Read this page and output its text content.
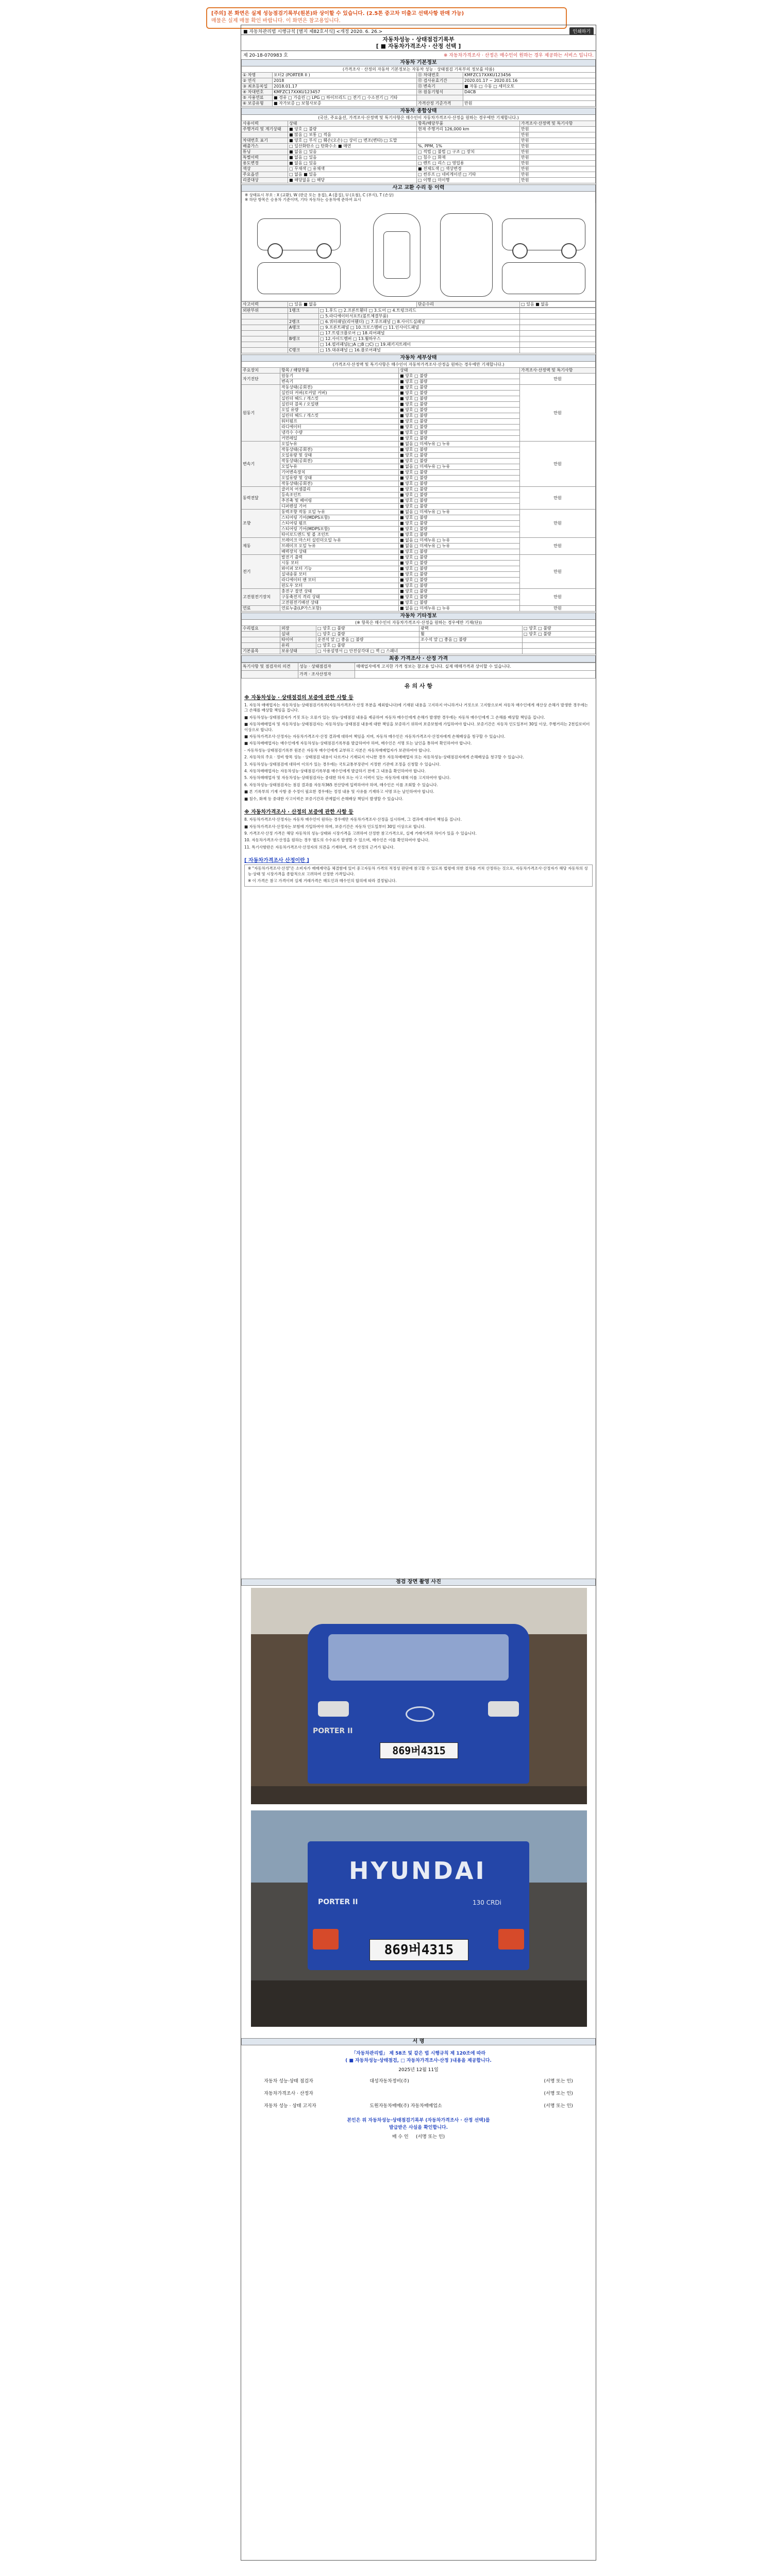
[주의] 본 화면은 실제 성능점검기록부(원본)와 상이할 수 있습니다. (2.5톤 중고차 미출고 선택사항 판매 가능)
매물은 실제 매물 확인 바랍니다. 이 화면은 참고용입니다.
■ 자동차관리법 시행규칙 [별지 제82호서식] <개정 2020. 6. 26.>	인쇄하기
자동차성능 · 상태점검기록부
[ ■ 자동차가격조사 · 산정 선택 ]
제 20-18-070983 호	※ 자동차가격조사 · 산정은 매수인이 원하는 경우 제공하는 서비스 입니다.
자동차 기본정보
(가격조사 · 산정의 자동차 기본정보는 자동차 성능 · 상태점검 기록부의 정보를 따름)
① 차명	포터2 (PORTER II )	⑪ 차대번호	KMFZC17XXKU123456
② 연식	2018	⑫ 검사유효기간	2020.01.17 ~ 2020.01.16
③ 최초등록일	2018.01.17	⑬ 변속기	■ 자동 □ 수동 □ 세미오토
④ 차대번호	KMFZC17XXKU123457	⑭ 원동기형식	D4CB
⑤ 사용연료	■ 경유 □ 가솔린 □ LPG □ 하이브리드 □ 전기 □ 수소전기 □ 기타		
⑥ 보증유형	■ 자가보증 □ 보험사보증	가격산정 기준가격	만원
자동차 종합상태
(국산, 주요옵션, 가격조사·산정액 및 특기사항은 매수인이 자동차가격조사·산정을 원하는 경우에만 기재합니다.)
사용이력	상태	항목/해당부품	가격조사·산정액 및 특기사항
주행거리 및 계기상태	■ 양호 □ 불량	현재 주행거리 126,000 km	만원
	■ 많음 □ 보통 □ 적음		만원
차대번호 표기	■ 양호 □ 부식 □ 훼손(오손) □ 상이 □ 변조(변타) □ 도말		만원
배출가스	□ 일산화탄소 □ 탄화수소 ■ 매연	%, PPM, 1%	만원
튜닝	■ 없음 □ 있음	□ 적법 □ 불법 □ 구조 □ 장치	만원
특별이력	■ 없음 □ 있음	□ 침수 □ 화재	만원
용도변경	■ 없음 □ 있음	□ 렌트 □ 리스 □ 영업용	만원
색상	□ 무채색 □ 유채색	■ 전체도색 □ 색상변경	만원
주요옵션	□ 없음 ■ 있음	□ 썬루프 □ 네비게이션 □ 기타	만원
리콜대상	■ 해당없음 □ 해당	□ 이행 □ 미이행	만원
사고 교환 수리 등 이력
※ 상태표시 부호 : X (교환), W (판금 또는 용접), A (흠집), U (요철), C (부식), T (손상)
※ 하단 항목은 승용차 기준이며, 기타 자동차는 승용차에 준하여 표시
사고이력	□ 있음 ■ 없음	단순수리	□ 있음 ■ 없음
외판부위	1랭크	□ 1.후드 □ 2.프론트휀더 □ 3.도어 □ 4.트렁크리드	
		□ 5.라디에이터서포트(볼트체결부품)	
	2랭크	□ 6.쿼터패널(리어휀더) □ 7.루프패널 □ 8.사이드실패널	
	A랭크	□ 9.프론트패널 □ 10.크로스멤버 □ 11.인사이드패널	
		□ 17.트렁크플로어 □ 18.리어패널	
	B랭크	□ 12.사이드멤버 □ 13.휠하우스	
		□ 14.필러패널(□A □B □C) □ 19.패키지트레이	
	C랭크	□ 15.대쉬패널 □ 16.플로어패널	
자동차 세부상태
(가격조사·산정액 및 특기사항은 매수인이 자동차가격조사·산정을 원하는 경우에만 기재합니다.)
주요장치	항목 / 해당부품	상태	가격조사·산정액 및 특기사항
자기진단	원동기	■ 양호 □ 불량	만원
	변속기	■ 양호 □ 불량	
원동기	작동상태(공회전)	■ 양호 □ 불량	만원
	실린더 커버(로커암 커버)	■ 양호 □ 불량	
	실린더 헤드 / 개스킷	■ 양호 □ 불량	
	실린더 블록 / 오일팬	■ 양호 □ 불량	
	오일 유량	■ 양호 □ 불량	
	실린더 헤드 / 개스킷	■ 양호 □ 불량	
	워터펌프	■ 양호 □ 불량	
	라디에이터	■ 양호 □ 불량	
	냉각수 수량	■ 양호 □ 불량	
	커먼레일	■ 양호 □ 불량	
변속기	오일누유	■ 없음 □ 미세누유 □ 누유	만원
	작동상태(공회전)	■ 양호 □ 불량	
	오일유량 및 상태	■ 양호 □ 불량	
	작동상태(공회전)	■ 양호 □ 불량	
	오일누유	■ 없음 □ 미세누유 □ 누유	
	기어변속장치	■ 양호 □ 불량	
	오일유량 및 상태	■ 양호 □ 불량	
	작동상태(공회전)	■ 양호 □ 불량	
동력전달	클러치 어셈블리	■ 양호 □ 불량	만원
	등속조인트	■ 양호 □ 불량	
	추진축 및 베어링	■ 양호 □ 불량	
	디퍼렌셜 기어	■ 양호 □ 불량	
조향	동력조향 작동 오일 누유	■ 없음 □ 미세누유 □ 누유	만원
	스티어링 기어(MDPS포함)	■ 양호 □ 불량	
	스티어링 펌프	■ 양호 □ 불량	
	스티어링 기어(MDPS포함)	■ 양호 □ 불량	
	타이로드엔드 및 볼 조인트	■ 양호 □ 불량	
제동	브레이크 마스터 실린더오일 누유	■ 없음 □ 미세누유 □ 누유	만원
	브레이크 오일 누유	■ 없음 □ 미세누유 □ 누유	
	배력장치 상태	■ 양호 □ 불량	
전기	발전기 출력	■ 양호 □ 불량	만원
	시동 모터	■ 양호 □ 불량	
	와이퍼 모터 기능	■ 양호 □ 불량	
	실내송풍 모터	■ 양호 □ 불량	
	라디에이터 팬 모터	■ 양호 □ 불량	
	윈도우 모터	■ 양호 □ 불량	
고전원전기장치	충전구 절연 상태	■ 양호 □ 불량	만원
	구동축전지 격리 상태	■ 양호 □ 불량	
	고전원전기배선 상태	■ 양호 □ 불량	
연료	연료누출(LP가스포함)	■ 없음 □ 미세누유 □ 누유	만원
자동차 기타정보
(※ 항목은 매수인이 자동차가격조사·산정을 원하는 경우에만 기재(단))
수리필요	외장	□ 양호 □ 불량	광택	□ 양호 □ 불량
	실내	□ 양호 □ 불량	휠	□ 양호 □ 불량
	타이어	운전석 앞 □ 좋음 □ 불량	조수석 앞 □ 좋음 □ 불량	
	유리	□ 양호 □ 불량		
기본품목	보유상태	□ 사용설명서 □ 안전삼각대 □ 잭 □ 스패너		
최종 가격조사 · 산정 가격
특기사항 및 점검자의 의견	성능 · 상태점검자	매매업자에게 고지한 가격 정보는 참고용 입니다. 실제 매매가격과 상이할 수 있습니다.
	가격 · 조사산정자	
유 의 사 항
※ 자동차성능 · 상태점검의 보증에 관한 사항 등
1. 자동차 매매업자는 자동차성능·상태점검기록부(자동차가격조사·산정 부분을 제외합니다)에 기재된 내용을 고지하지 아니하거나 거짓으로 고지함으로써 자동차 매수인에게 재산상 손해가 발생한 경우에는 그 손해를 배상할 책임을 집니다.
■ 자동차성능·상태점검자가 거짓 또는 오류가 있는 성능·상태점검 내용을 제공하여 자동차 매수인에게 손해가 발생한 경우에는 자동차 매수인에게 그 손해를 배상할 책임을 집니다.
■ 자동차매매업자 및 자동차성능·상태점검자는 자동차성능·상태점검 내용에 대한 책임을 보증하기 위하여 보증보험에 가입하여야 합니다. 보증기간은 자동차 인도일부터 30일 이상, 주행거리는 2천킬로미터 이상으로 합니다.
■ 자동차가격조사·산정자는 자동차가격조사·산정 결과에 대하여 책임을 지며, 자동차 매수인은 자동차가격조사·산정자에게 손해배상을 청구할 수 있습니다.
■ 자동차매매업자는 매수인에게 자동차성능·상태점검기록부를 발급하여야 하며, 매수인은 서명 또는 날인을 통하여 확인하여야 합니다.
- 자동차성능·상태점검기록부 원본은 자동차 매수인에게 교부하고 사본은 자동차매매업자가 보관하여야 합니다.
2. 자동차의 주요 · 정비 항목 성능 · 상태점검 내용이 다르거나 기재되지 아니한 경우 자동차매매업자 또는 자동차성능·상태점검자에게 손해배상을 청구할 수 있습니다.
3. 자동차성능·상태점검에 대하여 이의가 있는 경우에는 국토교통부장관이 지정한 기관에 조정을 신청할 수 있습니다.
4. 자동차매매업자는 자동차성능·상태점검기록부를 매수인에게 발급하기 전에 그 내용을 확인하여야 합니다.
5. 자동차매매업자 및 자동차성능·상태점검자는 중대한 하자 또는 사고 이력이 있는 자동차에 대해 이를 고지하여야 합니다.
6. 자동차성능·상태점검자는 점검 결과를 자동차365 전산망에 입력하여야 하며, 매수인은 이를 조회할 수 있습니다.
■ 본 기록부의 기재 사항 중 수정이 필요한 경우에는 정정 내용 및 사유를 기재하고 서명 또는 날인하여야 합니다.
■ 침수, 화재 등 중대한 사고이력은 보증기간과 관계없이 손해배상 책임이 발생할 수 있습니다.
※ 자동차가격조사 · 산정의 보증에 관한 사항 등
8. 자동차가격조사·산정자는 자동차 매수인이 원하는 경우에만 자동차가격조사·산정을 실시하며, 그 결과에 대하여 책임을 집니다.
■ 자동차가격조사·산정자는 보험에 가입하여야 하며, 보증기간은 자동차 인도일부터 30일 이상으로 합니다.
9. 가격조사·산정 가격은 해당 자동차의 성능·상태와 시장가격을 고려하여 산정한 참고가격으로, 실제 거래가격과 차이가 있을 수 있습니다.
10. 자동차가격조사·산정을 원하는 경우 별도의 수수료가 발생할 수 있으며, 매수인은 이를 확인하여야 합니다.
11. 특기사항란은 자동차가격조사·산정자의 의견을 기재하며, 가격 산정의 근거가 됩니다.
[ 자동차가격조사 산정이란 ]
※ "자동차가격조사·산정"은 소비자가 매매계약을 체결함에 있어 중고자동차 가격의 적정성 판단에 참고할 수 있도록 법령에 의한 절차를 거쳐 산정하는 것으로, 자동차가격조사·산정자가 해당 자동차의 성능·상태 및 시장가격을 종합적으로 고려하여 산정한 가격입니다.
※ 이 가격은 참고 가격이며 실제 거래가격은 매도인과 매수인의 합의에 따라 결정됩니다.
점검 장면 촬영 사진
PORTER II
869버4315
HYUNDAI
PORTER II	130 CRDi
869버4315
서 명
「자동차관리법」 제 58조 및 같은 법 시행규칙 제 120조에 따라
( ■ 자동차성능·상태점검, □ 자동차가격조사·산정 )내용을 제공합니다.
2025년 12월 11일
자동차 성능·상태 점검자	대성자동차정비(주)	(서명 또는 인)
자동차가격조사 · 산정자		(서명 또는 인)
자동차 성능 · 상태 고지자	도원자동차매매(주) 자동차매매업소	(서명 또는 인)
본인은 위 자동차성능·상태점검기록부 (자동차가격조사 · 산정 선택)를
발급받은 사실을 확인합니다.
매 수 인 (서명 또는 인)
